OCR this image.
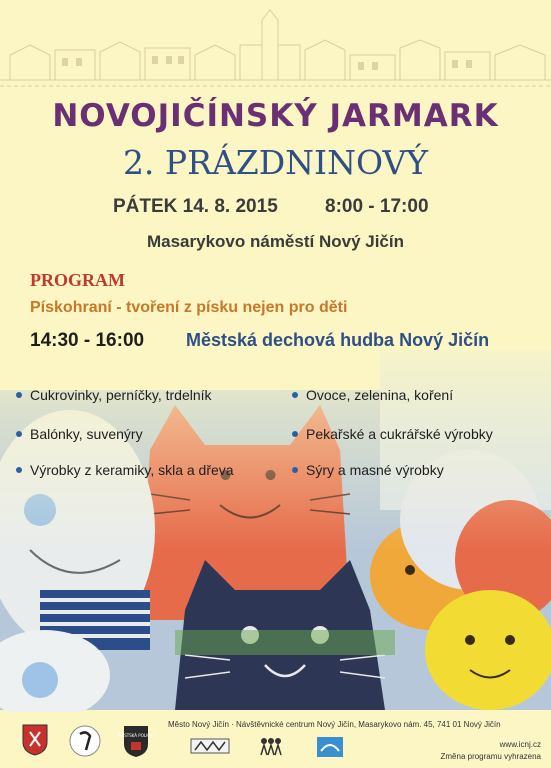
NOVOJIČÍNSKÝ JARMARK
2. PRÁZDNINOVÝ
PÁTEK 14. 8. 2015 8:00 - 17:00
Masarykovo náměstí Nový Jičín
PROGRAM
Pískohraní - tvoření z písku nejen pro děti
14:30 - 16:00 Městská dechová hudba Nový Jičín
Cukrovinky, perníčky, trdelník
Balónky, suvenýry
Výrobky z keramiky, skla a dřeva
Ovoce, zelenina, koření
Pekařské a cukrářské výrobky
Sýry a masné výrobky
MĚSTSKÁ POLICIE
Město Nový Jičín · Návštěvnické centrum Nový Jičín, Masarykovo nám. 45, 741 01 Nový Jičín
www.icnj.cz
Změna programu vyhrazena
